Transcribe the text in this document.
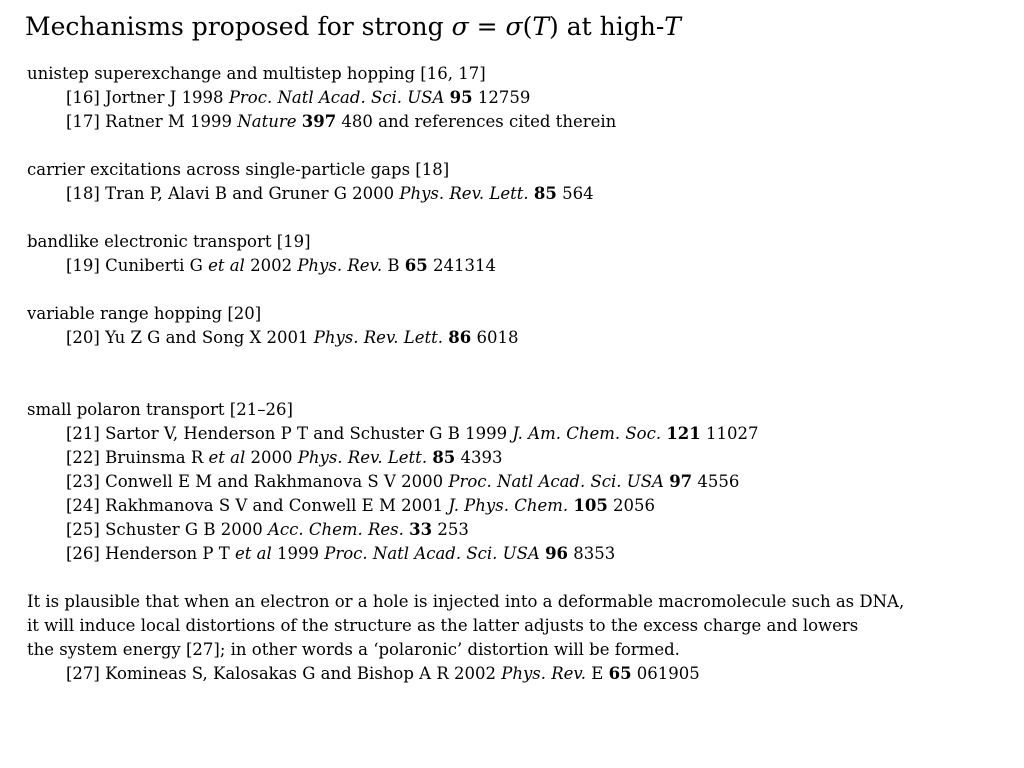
Mechanisms proposed for strong σ = σ(T) at high-T
unistep superexchange and multistep hopping [16, 17]
[16] Jortner J 1998 Proc. Natl Acad. Sci. USA 95 12759
[17] Ratner M 1999 Nature 397 480 and references cited therein
carrier excitations across single-particle gaps [18]
[18] Tran P, Alavi B and Gruner G 2000 Phys. Rev. Lett. 85 564
bandlike electronic transport [19]
[19] Cuniberti G et al 2002 Phys. Rev. B 65 241314
variable range hopping [20]
[20] Yu Z G and Song X 2001 Phys. Rev. Lett. 86 6018
small polaron transport [21–26]
[21] Sartor V, Henderson P T and Schuster G B 1999 J. Am. Chem. Soc. 121 11027
[22] Bruinsma R et al 2000 Phys. Rev. Lett. 85 4393
[23] Conwell E M and Rakhmanova S V 2000 Proc. Natl Acad. Sci. USA 97 4556
[24] Rakhmanova S V and Conwell E M 2001 J. Phys. Chem. 105 2056
[25] Schuster G B 2000 Acc. Chem. Res. 33 253
[26] Henderson P T et al 1999 Proc. Natl Acad. Sci. USA 96 8353
It is plausible that when an electron or a hole is injected into a deformable macromolecule such as DNA,
it will induce local distortions of the structure as the latter adjusts to the excess charge and lowers
the system energy [27]; in other words a ‘polaronic’ distortion will be formed.
[27] Komineas S, Kalosakas G and Bishop A R 2002 Phys. Rev. E 65 061905
